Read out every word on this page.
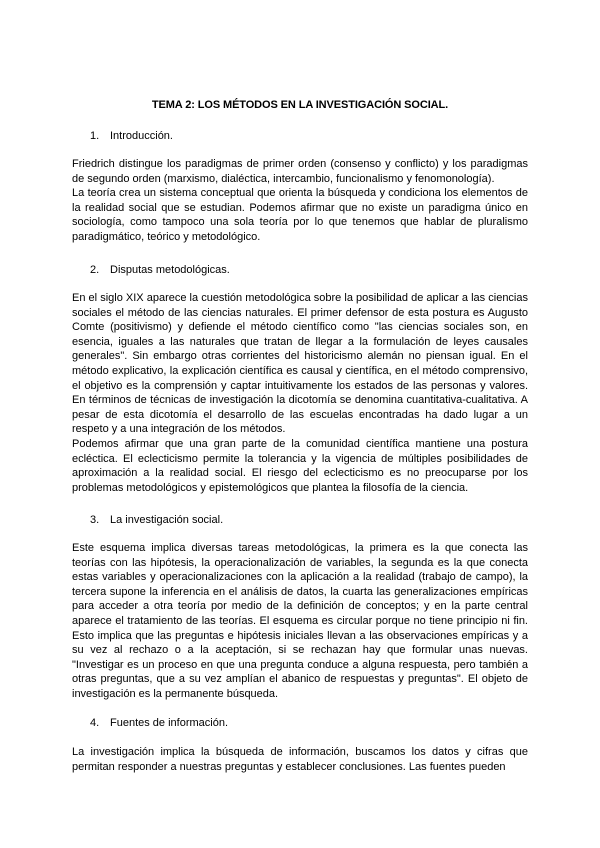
TEMA 2: LOS MÉTODOS EN LA INVESTIGACIÓN SOCIAL.
1. Introducción.

Friedrich distingue los paradigmas de primer orden (consenso y conflicto) y los paradigmas de segundo orden (marxismo, dialéctica, intercambio, funcionalismo y fenomonología).

La teoría crea un sistema conceptual que orienta la búsqueda y condiciona los elementos de la realidad social que se estudian. Podemos afirmar que no existe un paradigma único en sociología, como tampoco una sola teoría por lo que tenemos que hablar de pluralismo paradigmático, teórico y metodológico.

2. Disputas metodológicas.

En el siglo XIX aparece la cuestión metodológica sobre la posibilidad de aplicar a las ciencias sociales el método de las ciencias naturales. El primer defensor de esta postura es Augusto Comte (positivismo) y defiende el método científico como "las ciencias sociales son, en esencia, iguales a las naturales que tratan de llegar a la formulación de leyes causales generales". Sin embargo otras corrientes del historicismo alemán no piensan igual. En el método explicativo, la explicación científica es causal y científica, en el método comprensivo, el objetivo es la comprensión y captar intuitivamente los estados de las personas y valores. En términos de técnicas de investigación la dicotomía se denomina cuantitativa-cualitativa. A pesar de esta dicotomía el desarrollo de las escuelas encontradas ha dado lugar a un respeto y a una integración de los métodos.

Podemos afirmar que una gran parte de la comunidad científica mantiene una postura ecléctica. El eclecticismo permite la tolerancia y la vigencia de múltiples posibilidades de aproximación a la realidad social. El riesgo del eclecticismo es no preocuparse por los problemas metodológicos y epistemológicos que plantea la filosofía de la ciencia.

3. La investigación social.

Este esquema implica diversas tareas metodológicas, la primera es la que conecta las teorías con las hipótesis, la operacionalización de variables, la segunda es la que conecta estas variables y operacionalizaciones con la aplicación a la realidad (trabajo de campo), la tercera supone la inferencia en el análisis de datos, la cuarta las generalizaciones empíricas para acceder a otra teoría por medio de la definición de conceptos; y en la parte central aparece el tratamiento de las teorías. El esquema es circular porque no tiene principio ni fin. Esto implica que las preguntas e hipótesis iniciales llevan a las observaciones empíricas y a su vez al rechazo o a la aceptación, si se rechazan hay que formular unas nuevas. "Investigar es un proceso en que una pregunta conduce a alguna respuesta, pero también a otras preguntas, que a su vez amplían el abanico de respuestas y preguntas". El objeto de investigación es la permanente búsqueda.

4. Fuentes de información.

La investigación implica la búsqueda de información, buscamos los datos y cifras que permitan responder a nuestras preguntas y establecer conclusiones. Las fuentes pueden
